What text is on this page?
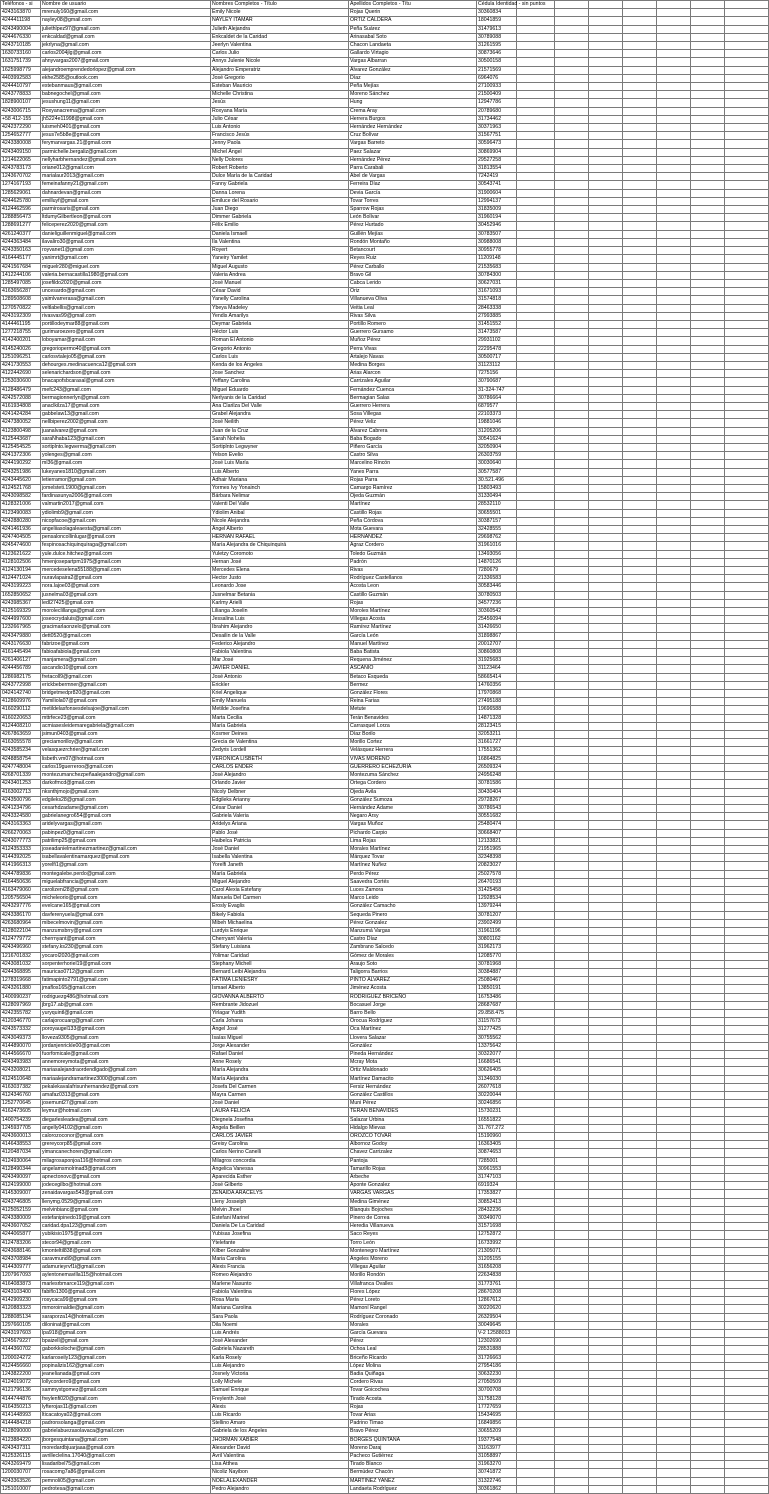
Teléfonos - si	Nombre de usuario	Nombres Completos - Título	Apellidos Completos - Títu	Cédula Identidad - sin puntos							
4243163870	mrenuly160@gmail.com	Emily Nicole	Rojas Querin	30360834							
4244411198	nayley08@gmail.com	NAYLEY ITAMAR	ORTIZ CALDERA	18041859							
4243490004	juliethlpez97@gmail.com	Julieth Alejandra	Peña Suárez	31479613							
4244676330	enkcaldad@gmail.com	Enkcaldet de la Caridad	Arinasabal Soto	30789088							
4243710185	jekrlyna@gmail.com	Jeerlyn Valentina	Chacon Landaeta	31261595							
1630733160	carlos2004jlg@gmail.com	Carlos Julio	Gallardo Virtagio	30873646							
1631751739	ahnyvargas2007@gmail.com	Annys Julenie Nicole	Vargas Albarran	30500158							
1625998779	alejandroemprendedorlopez@gmail.com	Alejandro Emperatriz	Álvarez González	21571569							
4403992583	ekhe2585@outlook.com	José Gregorio	Díaz	6964076							
4244410797	estebanmaus@gmail.com	Esteban Mauricio	Peña Mejías	27100933							
4243778833	babnegochel@gmail.com	Michelle Christina	Moreno Sánchez	21500409							
1828900107	jesushung11@gmail.com	Jesús	Hung	12947786							
4243006715	Roxyanacrema@gmail.com	Roxyana María	Crema Aray	20789680							
+58 412-155	jh5224e11998@gmail.com	Julio César	Herrera Burgos	31734462							
4242372290	luismeh0401@gmail.com	Luis Antonio	Hernández Hernández	30371963							
1254652777	jesus7e5b8e@gmail.com	Francisco Jesús	Cruz Bolívar	31567751							
4243380008	ferymarvargas.21@gmail.com	Jenny Paola	Vargas Barreto	30596473							
4243409150	parmichelle.bergaliz@gmail.com	Michel Ángel	Paez Salazar	30869904							
1214622065	nellyharbhernandez@gmail.com	Nelly Dolores	Hernández Pérez	29527258							
4243783173	oriane012@gmail.com	Robert Roberto	Parra Carabali	31813554							
1243670702	marialaur2013@gmail.com	Dulce María de la Caridad	Abel de Vargas	7242419							
1274167193	femeinafanny21@gmail.com	Fanny Gabriela	Ferreira Díaz	30543741							
1285629061	dahnardevan@gmail.com	Danna Lorena	Devia García	31900604							
4244625780	emilluyf@gmail.com	Emiluce del Rosario	Tovar Torres	12994137							
4124462596	parmirosaris@gmail.com	Juan Diego	Sparrow Rojas	31835009							
1288856473	ltdumyGilbertleon@gmail.com	Dimmer Gabriela	León Bolívar	31960194							
1288691277	feliceperez2020@gmail.com	Félix Emilio	Pérez Hurtado	30452946							
4261240377	danieliguillenmiguel@gmail.com	Daniela Ismaell	Guillén Mejías	30783507							
4244363484	ilavaliro30@gmail.com	Ila Valentina	Rondón Montaño	30988008							
4243350163	royvanet1@gmail.com	Royert	Betancourt	30955778							
4164445177	yanimrt@gmail.com	Yaneiry Yamilet	Reyes Ruiz	11209148							
4241567684	miguelr280@miguel.com	Miguel Augusto	Pérez Carballo	21535683							
1412244106	valeria.bernacastilla1980@gmail.com	Valeria Andrea	Bravo Gil	30784300							
1285497085	josefildo2020@gmail.com	José Manuel	Cabca Lerido	30627031							
4163656287	uncesardo@gmail.com	César David	Oriz	31671093							
1289508608	yaimlvarrerasa@gmail.com	Yanelly Carolina	Villanueva Oliva	31574818							
1270570822	veltlabellis@gmail.com	Ybeya Madeley	Veitia Leal	28463338							
4243192309	rivasvas99@gmail.com	Yendis Amarilys	Rivas Silva	27993885							
4144461195	portillodeymar88@gmail.com	Deymar Gabriela	Portillo Romero	31451552							
1277218755	gurimaroezero@gmail.com	Héctor Luis	Guerrero Gursamo	31473587							
4142400201	loboyamar@gmail.com	Roman El Antonio	Muñoz Pérez	29931102							
4145240026	gregoriopermo40@gmail.com	Gregorio Antonio	Perra Vivas	22295478							
1251096251	carlosvtalejo05@gmail.com	Carlos Luis	Artalejo Navas	30500717							
4241730553	dehourges.medinacuenca12@gmail.com	Kenda de los Ángeles	Medina Borges	31123112							
4122442690	selenarichardson@gmail.com	Jose Sanchez	Arias Alarcon	7275156							
1253030600	bnacapofsbcarasal@gmail.com	Yeffany Carolina	Carrizales Aguilar	30790687							
4128486479	mefc243@gmail.com	Miguel Eduardo	Fernández Cuenca	31-324-747							
4242572088	bermagionnerlyn@gmail.com	Nerlyanis de la Caridad	Bermagian Salas	30786664							
4161934808	anaclkilza17@gmail.com	Ana Clarilza Del Valle	Guerrero Herrera	6879577							
4241424284	gabbelaw13@gmail.com	Grabel Alejandra	Sosa Villegas	22103373							
4247380052	nellbiperez2002@gmail.com	José Neilith	Pérez Veliz	19881046							
4123800498	juanalvarez@gmail.com	Juan de la Cruz	Álvarez Cabrera	31205206							
4125443687	saraNhaba123@gmail.com	Sarah Nohelia	Baba Bogado	30541624							
4125454525	sortiplnto.legwerma@gmail.com	Sortiplnto Legwyner	Piñero García	32050904							
4241372306	yolenges@gmail.com	Yelson Evelio	Castro Silva	26303759							
4244190292	ml36@gmail.com	José Luis María	Marcelino Rincón	30030640							
4243251986	lukeyanes1810@gmail.com	Luis Alberto	Yanes Parra	30577587							
4243445620	letierramor@gmail.com	Adhair Mariana	Rojas Parra	30.521.496							
4124521768	jomelsteti.1900@gmail.com	Yormes Ivy Yonainch	Camargo Ramírez	15803493							
4243098582	fardinasunya2006@gmail.com	Bárbara Nelimar	Ojeda Guzmán	31330494							
4128321006	valmartin2017@gmail.com	Valenti Del Valle	Martínez	28532110							
4123490083	ydiolimb9@gmail.com	Ydiolim Anibal	Castillo Rojas	30655501							
4242880280	nicopfacoe@gmail.com	Nicole Alejandra	Peña Córdova	30387157							
4241461936	angeliiasolagaleaesta@gmail.com	Ángel Alberto	Mota Guevara	32428555							
4247404505	pensaloncollinlugar@gmail.com	HERNAN RAFAEL	HERNANDEZ	29698762							
4245474600	fespinosachiquinquiraga@gmail.com	María Alejandra de Chiquinquirá	Agraz Cordero	31961016							
4123621622	yule.dulce.hitchez@gmail.com	Yuletzy Coromoto	Toledo Guzmán	13493056							
4128102506	hmenjosepartpm1975@gmail.com	Hernan José	Padrón	14870126							
4124130194	mercedeselena55188@gmail.com	Mercedes Elena	Rivas	7280679							
4124471024	nuravlapaira2@gmail.com	Hector Justo	Rodríguez Castellanos	21336583							
4243199223	nora.lajoe03@gmail.com	Leonardo Jose	Acosta Leon	30583446							
1652850652	jusnelma03@gmail.com	Jusnelmar Betania	Castillo Guzmán	30780503							
4243985367	ledl27425@gmail.com	Karlmy Arielli	Rojas	34577236							
4125169329	moroleclillanga@gmail.com	Lilianga Joselin	Moroles Martínez	30360542							
4244997600	joseocrydaluis@gmail.com	Jessalina Luis	Villegas Acosta	25456094							
1232667965	gracimarlaonzelo@gmail.com	Ibrahim Alejandro	Ramírez Martínez	31426650							
4243479880	dett0520@gmail.com	Desailin de la Valle	García León	31898867							
4243176630	fabrizoe@gmail.com	Federico Alejandro	Manuel Martínez	20012707							
4161445494	fabioafabiola@gmail.com	Fabiola Valentina	Baba Batista	30860808							
4261406127	manjamera@gmail.com	Mar José	Requena Jiménez	31925683							
4244456789	ascandio10@gmail.com	JAVIER DANIEL	ASCANIO	31123464							
1286982175	fretacoll9@gmail.com	José Antonio	Betaco Esqueda	58665414							
4243772998	erickbebermner@gmail.com	Erickler	Bermez	14760356							
0424142740	bridgetmedpr820@gmail.com	Kriel Angelique	González Flores	17970868							
4128609976	Yamiliola07@gmail.com	Emily Manuela	Reina Farias	27495188							
4160290112	metildelasfonsesdelsajoe@gmail.com	Metilde Josefina	Metute	19696588							
4160220653	mttrfece23@gmail.com	Marta Cecilia	Terán Benavides	14871328							
4124408210	acmiasesleidemaregabriela@gmail.com	María Gabriela	Carrasquel Lorza	28123415							
4267863659	jsimun0403@gmail.com	Kosmer Deines	Díaz Borilo	32053211							
4163055578	greciamorilloy@gmail.com	Grecia de Valentina	Morillo Cortez	31661727							
4243585234	velasquezrchrier@gmail.com	Zedyris Lordell	Velásquez Herrera	17551362							
4248858754	lisbeth.vm07@hotmail.com	VERONICA LISBETH	VIVAS MORENO	16864825							
4247748004	carlos19guerreroo@gmail.com	CARLOS ENDER	GUERRERO ECHEZURIA	26509324							
4268701339	montezumanchezpeñaalejandro@gmail.com	José Alejandro	Montezuma Sánchez	24956248							
4243401253	darkofmcd@gmail.com	Orlando Javier	Ortega Cordero	30781586							
4163002713	nksnthjmojo@gmail.com	Nicoly Delbner	Ojeda Avila	30430404							
4243500796	edgileks28@gmail.com	Edgileks Arianny	González Sumoza	29728267							
4241234796	cesarhdzadame@gmail.com	César Daniel	Hernández Adame	30786543							
4243324580	gabrielanegro654@gmail.com	Gabriela Valeria	Negaro Arsy	30551682							
4243163363	aridelyvargas@gmail.com	Aridelys Ariana	Vargas Muñoz	25480474							
4266270063	pabinpez0@gmail.com	Pablo José	Pichardo Carpio	30668407							
4243077773	patrilimp25@gmail.com	Haibelca Patricia	Lima Rojas	12133821							
4124353333	joseadanielmartinezmartinez@gmail.com	José Daniel	Morales Martínez	21951965							
4144392025	isabellavalentinamarquez@gmail.com	Isabella Valentina	Márquez Tovar	32348398							
4141966313	yorelfi1@gmail.com	Yorelfi Janeth	Martínez Nuñez	20823027							
4244789836	montegalebe.perdo@gmail.com	María Gabriela	Perdo Pérez	25027578							
4164450636	miguelabfrancia@gmail.com	Miguel Alejandro	Saavedra Cortés	26470193							
4163479060	carolizeni28@gmail.com	Carol Alexia Estefany	Luces Zamora	31425458							
1205756504	micheleorio@gmail.com	Manuela Del Carmen	Marco Leido	12928534							
4243297776	evelcane165@gmail.com	Erosly Evaglis	González Camacho	13979244							
4243386170	davferenyuela@gmail.com	Bikely Fabiola	Sequeda Pinero	30781207							
4263680964	mibecelmovin@gmail.com	Mibeh Michaelina	Pérez Gonzalez	23902499							
4128022104	manzumsbrry@gmail.com	Lurdyis Enrique	Manzumá Vargas	31961196							
4124779772	cherrnyant@gmail.com	Cherryant Valeria	Castro Díaz	30801162							
4243496960	stefany.ks230@gmail.com	Stefany Luisiana	Zambrano Salcedo	31962173							
1216701832	yocarol2020@gmail.com	Yolimar Caridad	Gómez de Morales	12085770							
4243081032	sorpenterhoriel19@gmail.com	Stephany Michell	Araujo Soto	30781968							
4244368895	mauricao0712@gmail.com	Bernard Leibi Alejandra	Taligorra Barrios	30384887							
1278319668	fatimapinto2791@gmail.com	FÁTIMA LENIESRY	PINTO ÁLVAREZ	25080467							
4243261880	jmaflos165@gmail.com	Ismael Alberto	Jiménez Acosta	13850191							
1400990237	rodriguezg486@hotmail.com	GIOVANNA ALBERTO	RODRIGUEZ BRICEÑO	16753486							
4128097969	jbrg17.ab@gmail.com	Rembrante Jidozuel	Bocasuel Jorge	28687687							
4242355782	yuryquintl@gmail.com	Yirlagar Yudith	Barro Bello	29.858.475							
4120346770	carlajorocuarg@gmail.com	Carla Johana	Orocua Rodríguez	31157673							
4243573332	poroyaugel133@gmail.com	Ángel José	Oca Martínez	31277425							
4243049373	lloveza9305@gmail.com	Isaías Miguel	Llovera Salazar	30755562							
4144890070	jordanjenrickle00@gmail.com	Jorge Alexander	González	13375642							
4144566670	fuorfomicale@gmail.com	Rafael Daniel	Pineda Hernández	30322077							
4243493983	annemoreymota@gmail.com	Anne Rosely	Mcray Mota	16686541							
4243208021	mariasalejandraordendlgado@gmail.com	María Alejandra	Ortiz Maldonado	30626405							
4124510648	mariaalejandramartinez3000@gmail.com	María Alejandra	Martínez Damacito	31346030							
4163037382	pekalekavalafrisunhernandez@gmail.com	Josefa Del Carmen	Fersiz Hernández	26077618							
4124346760	amafaz0313@gmail.com	Mayra Carmen	González Castillos	30220044							
1252770645	josemunt27@gmail.com	José Daniel	Muni Pérez	30246856							
4162473605	leymur@hotmail.com	LAURA FELICIA	TERAN BENAVIDES	15730231							
1400754239	diegarlesleadea@gmail.com	Diegnela Josefina	Salazar Urbina	16551822							
1245937705	angelly04102@gmail.com	Ángela Beillen	Hidalgo Mievas	31.767.272							
4243600013	calorozoconor@gmail.com	CARLOS JAVIER	OROZCO TOVAR	15190960							
4146438553	grereycorp85@gmail.com	Greisy Carolina	Albornoz Godoy	16363405							
4120487034	yimancanechoren@gmail.com	Carlos Nerino Canelli	Chavez Carrizalez	30874653							
4124930064	milagrosaponjoa116@hotmail.com	Milagros concordia	Pantoja	7285001							
4128490344	angelamsmolrinad3@gmail.com	Angelica Vanessa	Tamarillo Rojas	30961553							
4243490097	apnectonovc@gmail.com	Aparecida Esther	Arbeche	31747103							
4124199000	jodecegilbo@hotmail.com	José Gilberto	Aponte Gonzalez	6919324							
4145309007	zenaidavargas543@gmail.com	ZENAIDA ARACELYS	VARGAS VARGAS	17353827							
4243746805	llenymg.0529@gmail.com	Lleny Josseiph	Medina Giménez	30852413							
4125052159	melvinbianc@gmail.com	Melvin Jhoel	Blanquis Bojoches	28432236							
4243380009	estefanipinedo19@gmail.com	Estefani Marinel	Pinero de Correa	30349070							
4243607052	caridad.dpa123@gmail.com	Daniela De La Caridad	Heredia Villanueva	31571698							
4244065877	yubikisio1975@gmail.com	Yubisas Josefina	Saco Reyes	12752872							
4124783206	stecor94@gmail.com	Ytelefante	Torro León	16733992							
4243688146	kmonteltil838@gmail.com	Kilber Gonzaline	Montenegro Martínez	21305071							
4243708984	caravmundi9@gmail.com	Maria Carolina	Ángeles Moreno	31205155							
4144309777	adamurieyrvf1i@gmail.com	Alexis Francia	Villegas Aguilar	31656208							
1207967093	aylentonemavilla115@hotmail.com	Romeo Alejandro	Morillo Rondón	22634838							
4164083873	marlesrbmarce119@gmail.com	Marlene Nasunto	Villafranca Ovalles	31773761							
4243103400	fabiflo1300@gmail.com	Fabiola Valentina	Flores López	28670208							
4142909230	rosycaca99@gmail.com	Rosa María	Pérez Loreto	12867612							
4120883323	mmoroirnaldie@gmail.com	Mariana Carolina	Mamoní Rangel	30220620							
1288085134	saraporza14@hotmail.com	Sara Paola	Rodríguez Coronado	26329504							
1297660105	diloninat@gmail.com	Dila Noemi	Morales	30049645							
4243197603	lpa918@gmail.com	Luis Andrés	García Guevara	V-2 12588013							
1245679227	bpaizell@gmail.com	José Alexander	Pérez	12302690							
4144360702	gaborkkoloche@gmail.com	Gabriela Nazareth	Ochoa Leal	28531888							
1200024272	karlaroseily123@gmail.com	Karla Rosely	Briceño Ricardo	31726663							
4124456660	popinalizis162@gmail.com	Luis Alejandro	López Molina	27954186							
1243822200	jeanelianada@gmail.com	Josnely Victoria	Badia Quiñaga	30632230							
4124019072	lollycordero9@gmail.com	Lolly Michele	Cordero Rivas	27050509							
4121796136	sammyxtgomez@gmail.com	Samuel Enrique	Tovar Goicochea	30700708							
4144744876	freylenfi020@gmail.com	Freylenth José	Tirado Acosta	31758128							
4164350213	lyfterojas11@gmail.com	Alexis	Rojas	17727659							
4141448993	lticacatoya02@gmail.com	Luis Ricardo	Tovar Arias	15434695							
4144484218	padronsolanga@gmail.com	Stellino Amaro	Padrino Timao	16849856							
4128090000	gabrielabuezasolavaca@gmail.com	Gabriela de los Ángeles	Bravo Pérez	30655209							
4123884220	jborgesquintana@gmail.com	JHORMAN XABIER	BORGES QUINTANA	19377548							
4243437311	moredardbjuarjaaa@gmail.com	Alexander David	Moreno Daraj	31163977							
4125326115	avrilleclelina.17040@gmail.com	Avril Valentina	Pacheco Gutiérrez	31058897							
4243269479	lisadaribel75@gmail.com	Lisa Atthea	Tirado Blanco	31963270							
1200030707	rosacomg7a86@gmail.com	Nicoliz Nayibon	Bermúdez Chacón	30741872							
4243363526	pemnoli05@gmail.com	NOELALEXANDER	MARTINEZ YANEZ	31322746							
1251010007	pedrotesa@gmail.com	Pedro Alejandro	Landaeta Rodríguez	30361862							
